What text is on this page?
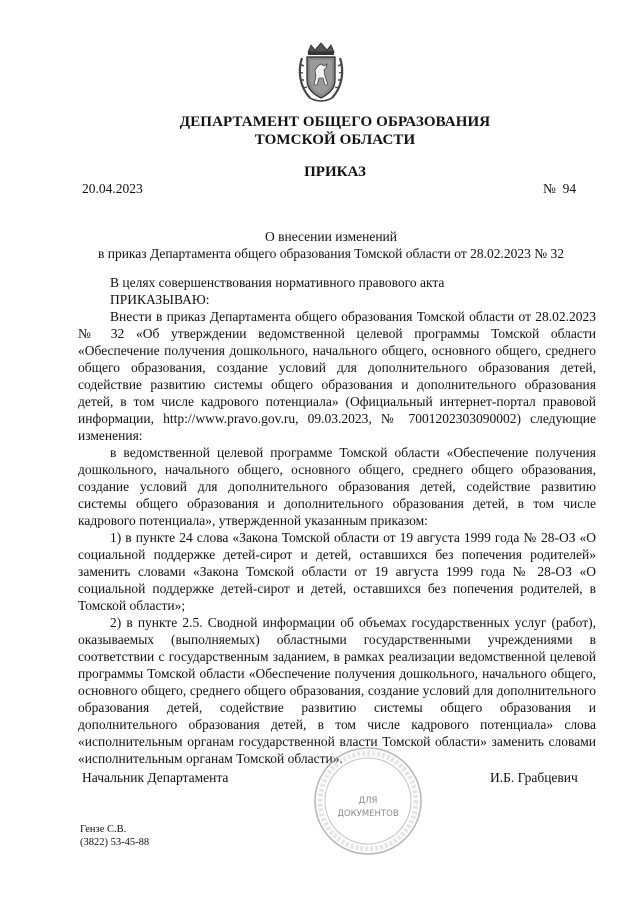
ДЕПАРТАМЕНТ ОБЩЕГО ОБРАЗОВАНИЯ
ТОМСКОЙ ОБЛАСТИ
ПРИКАЗ
20.04.2023	№  94
О внесении изменений
в приказ Департамента общего образования Томской области от 28.02.2023 № 32

В целях совершенствования нормативного правового акта

ПРИКАЗЫВАЮ:

Внести в приказ Департамента общего образования Томской области от 28.02.2023 № 32 «Об утверждении ведомственной целевой программы Томской области «Обеспечение получения дошкольного, начального общего, основного общего, среднего общего образования, создание условий для дополнительного образования детей, содействие развитию системы общего образования и дополнительного образования детей, в том числе кадрового потенциала» (Официальный интернет-портал правовой информации, http://www.pravo.gov.ru, 09.03.2023, № 7001202303090002) следующие изменения:

в ведомственной целевой программе Томской области «Обеспечение получения дошкольного, начального общего, основного общего, среднего общего образования, создание условий для дополнительного образования детей, содействие развитию системы общего образования и дополнительного образования детей, в том числе кадрового потенциала», утвержденной указанным приказом:

1) в пункте 24 слова «Закона Томской области от 19 августа 1999 года № 28-ОЗ «О социальной поддержке детей-сирот и детей, оставшихся без попечения родителей» заменить словами «Закона Томской области от 19 августа 1999 года № 28-ОЗ «О социальной поддержке детей-сирот и детей, оставшихся без попечения родителей, в Томской области»;

2) в пункте 2.5. Сводной информации об объемах государственных услуг (работ), оказываемых (выполняемых) областными государственными учреждениями в соответствии с государственным заданием, в рамках реализации ведомственной целевой программы Томской области «Обеспечение получения дошкольного, начального общего, основного общего, среднего общего образования, создание условий для дополнительного образования детей, содействие развитию системы общего образования и дополнительного образования детей, в том числе кадрового потенциала» слова «исполнительным органам государственной власти Томской области» заменить словами «исполнительным органам Томской области».

Начальник Департамента	И.Б. Грабцевич
ДЛЯ
ДОКУМЕНТОВ
Гензе С.В.
(3822) 53-45-88
